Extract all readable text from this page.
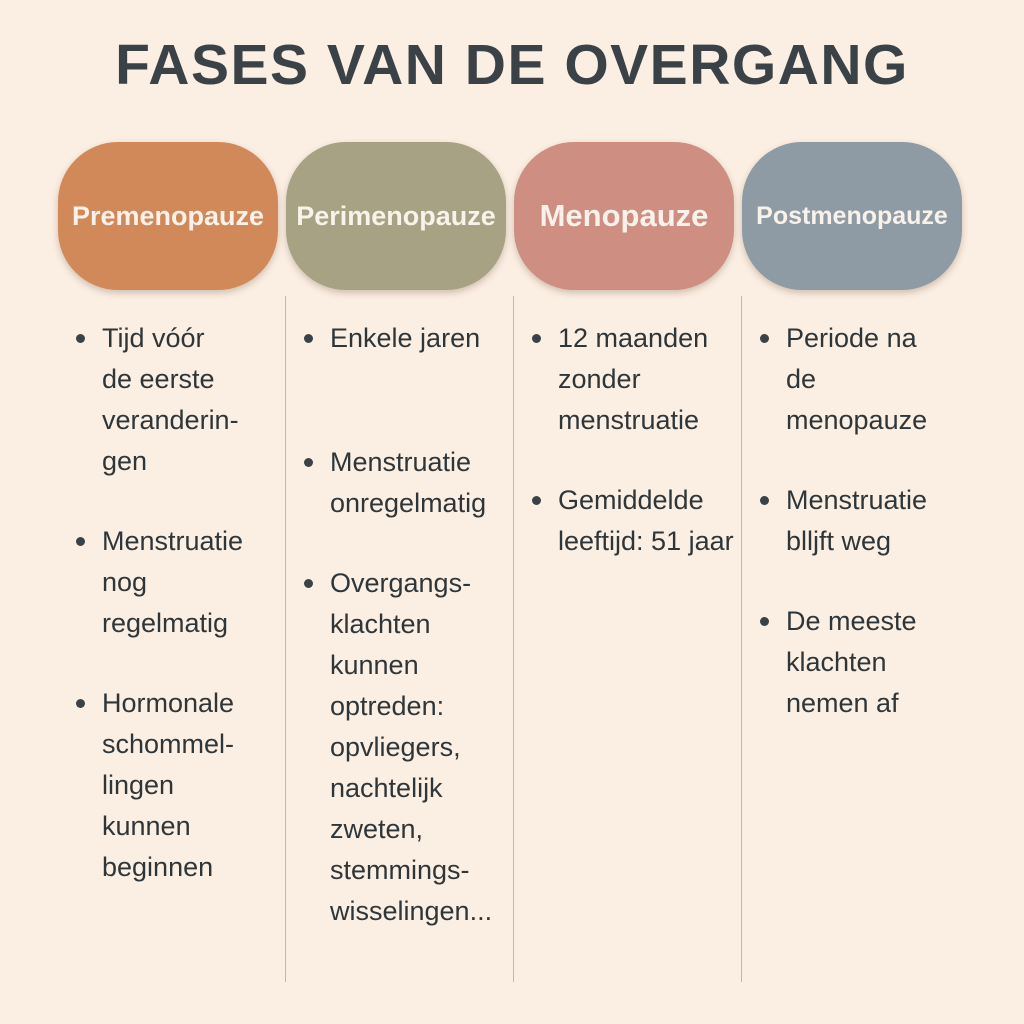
FASES VAN DE OVERGANG
Premenopauze
Tijd vóór
de eerste
veranderin-
gen
Menstruatie
nog
regelmatig
Hormonale
schommel-
lingen
kunnen
beginnen
Perimenopauze
Enkele jaren
Menstruatie
onregelmatig
Overgangs-
klachten
kunnen
optreden:
opvliegers,
nachtelijk
zweten,
stemmings-
wisselingen...
Menopauze
12 maanden
zonder
menstruatie
Gemiddelde
leeftijd: 51 jaar
Postmenopauze
Periode na
de menopauze
Menstruatie
blljft weg
De meeste
klachten
nemen af
